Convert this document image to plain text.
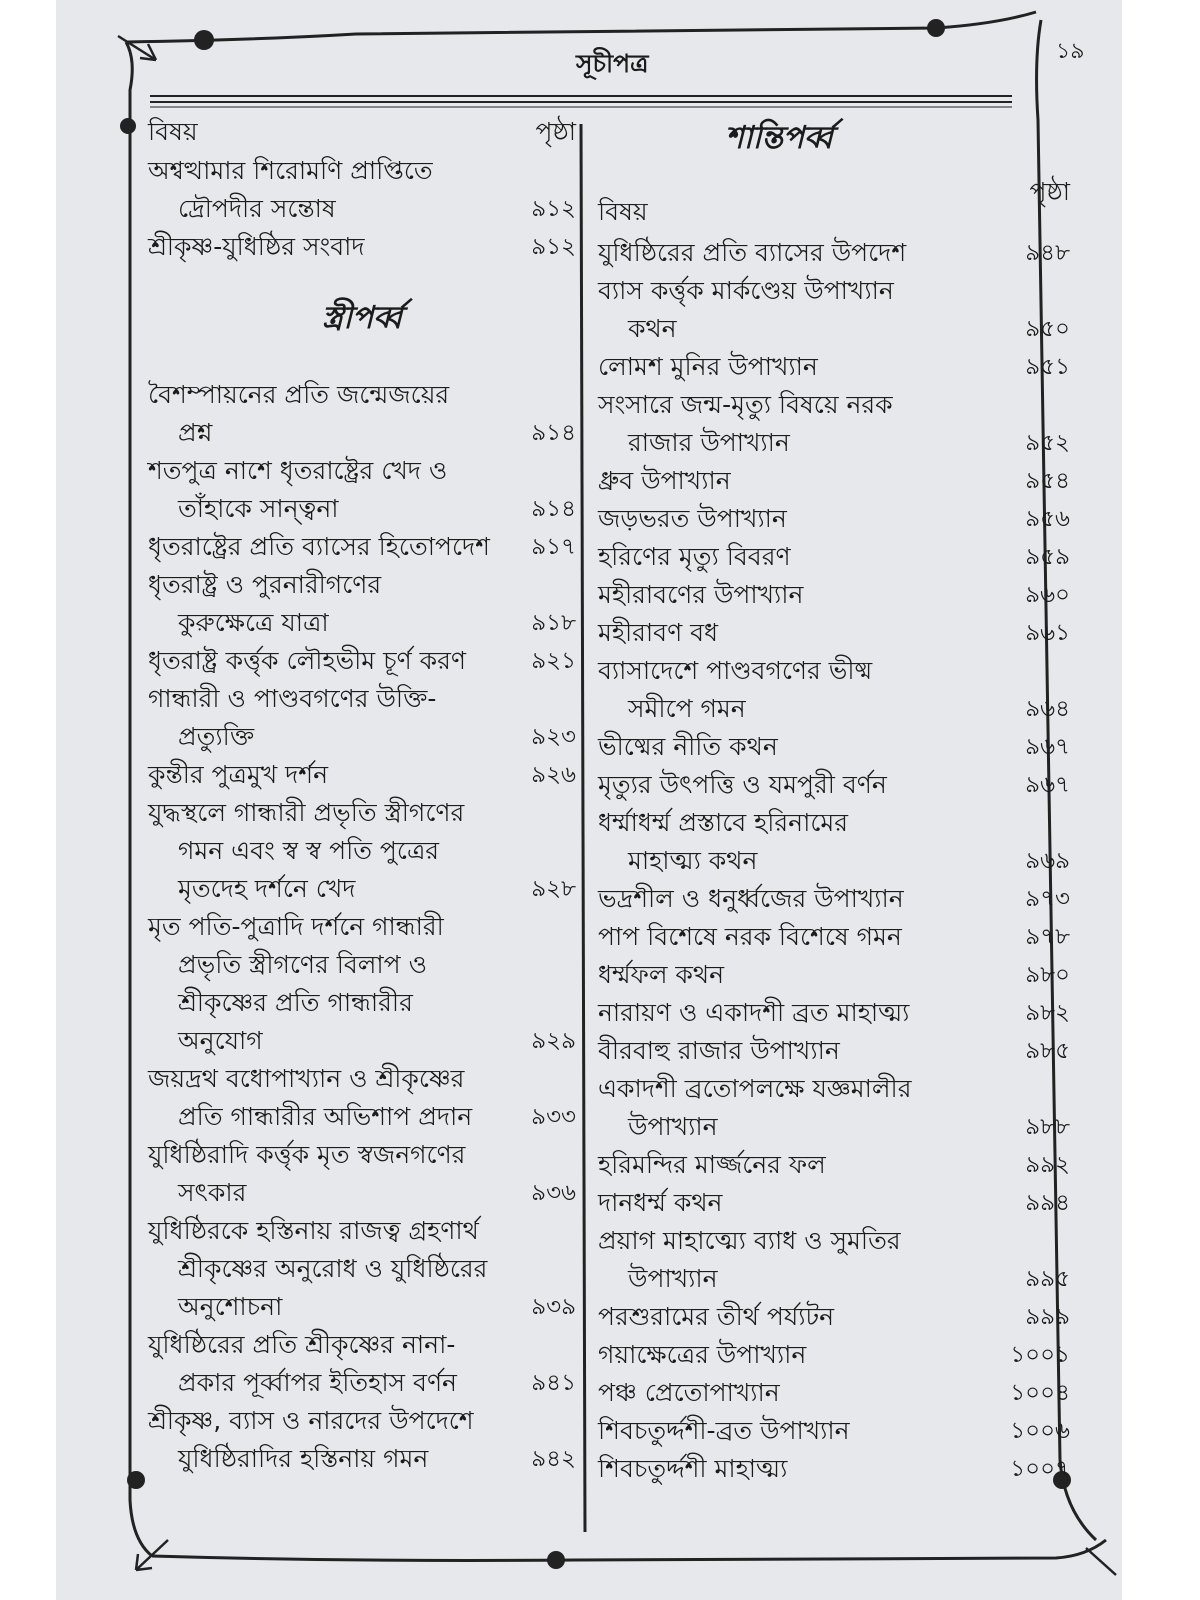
সূচীপত্র	১৯
বিষয়	পৃষ্ঠা
অশ্বত্থামার শিরোমণি প্রাপ্তিতে
দ্রৌপদীর সন্তোষ	৯১২
শ্রীকৃষ্ণ-যুধিষ্ঠির সংবাদ	৯১২
স্ত্রীপর্ব্ব
বৈশম্পায়নের প্রতি জন্মেজয়ের
প্রশ্ন	৯১৪
শতপুত্র নাশে ধৃতরাষ্ট্রের খেদ ও
তাঁহাকে সান্ত্বনা	৯১৪
ধৃতরাষ্ট্রের প্রতি ব্যাসের হিতোপদেশ	৯১৭
ধৃতরাষ্ট্র ও পুরনারীগণের
কুরুক্ষেত্রে যাত্রা	৯১৮
ধৃতরাষ্ট্র কর্ত্তৃক লৌহভীম চূর্ণ করণ	৯২১
গান্ধারী ও পাণ্ডবগণের উক্তি-
প্রত্যুক্তি	৯২৩
কুন্তীর পুত্রমুখ দর্শন	৯২৬
যুদ্ধস্থলে গান্ধারী প্রভৃতি স্ত্রীগণের
গমন এবং স্ব স্ব পতি পুত্রের
মৃতদেহ দর্শনে খেদ	৯২৮
মৃত পতি-পুত্রাদি দর্শনে গান্ধারী
প্রভৃতি স্ত্রীগণের বিলাপ ও
শ্রীকৃষ্ণের প্রতি গান্ধারীর
অনুযোগ	৯২৯
জয়দ্রথ বধোপাখ্যান ও শ্রীকৃষ্ণের
প্রতি গান্ধারীর অভিশাপ প্রদান	৯৩৩
যুধিষ্ঠিরাদি কর্ত্তৃক মৃত স্বজনগণের
সৎকার	৯৩৬
যুধিষ্ঠিরকে হস্তিনায় রাজত্ব গ্রহণার্থ
শ্রীকৃষ্ণের অনুরোধ ও যুধিষ্ঠিরের
অনুশোচনা	৯৩৯
যুধিষ্ঠিরের প্রতি শ্রীকৃষ্ণের নানা-
প্রকার পূর্ব্বাপর ইতিহাস বর্ণন	৯৪১
শ্রীকৃষ্ণ, ব্যাস ও নারদের উপদেশে
যুধিষ্ঠিরাদির হস্তিনায় গমন	৯৪২
শান্তিপর্ব্ব
বিষয়
পৃষ্ঠা
যুধিষ্ঠিরের প্রতি ব্যাসের উপদেশ	৯৪৮
ব্যাস কর্ত্তৃক মার্কণ্ডেয় উপাখ্যান
কথন	৯৫০
লোমশ মুনির উপাখ্যান	৯৫১
সংসারে জন্ম-মৃত্যু বিষয়ে নরক
রাজার উপাখ্যান	৯৫২
ধ্রুব উপাখ্যান	৯৫৪
জড়ভরত উপাখ্যান	৯৫৬
হরিণের মৃত্যু বিবরণ	৯৫৯
মহীরাবণের উপাখ্যান	৯৬০
মহীরাবণ বধ	৯৬১
ব্যাসাদেশে পাণ্ডবগণের ভীষ্ম
সমীপে গমন	৯৬৪
ভীষ্মের নীতি কথন	৯৬৭
মৃত্যুর উৎপত্তি ও যমপুরী বর্ণন	৯৬৭
ধর্ম্মাধর্ম্ম প্রস্তাবে হরিনামের
মাহাত্ম্য কথন	৯৬৯
ভদ্রশীল ও ধনুর্ধ্বজের উপাখ্যান	৯৭৩
পাপ বিশেষে নরক বিশেষে গমন	৯৭৮
ধর্ম্মফল কথন	৯৮০
নারায়ণ ও একাদশী ব্রত মাহাত্ম্য	৯৮২
বীরবাহু রাজার উপাখ্যান	৯৮৫
একাদশী ব্রতোপলক্ষে যজ্ঞমালীর
উপাখ্যান	৯৮৮
হরিমন্দির মার্জ্জনের ফল	৯৯২
দানধর্ম্ম কথন	৯৯৪
প্রয়াগ মাহাত্ম্যে ব্যাধ ও সুমতির
উপাখ্যান	৯৯৫
পরশুরামের তীর্থ পর্য্যটন	৯৯৯
গয়াক্ষেত্রের উপাখ্যান	১০০১
পঞ্চ প্রেতোপাখ্যান	১০০৪
শিবচতুর্দ্দশী-ব্রত উপাখ্যান	১০০৬
শিবচতুর্দ্দশী মাহাত্ম্য	১০০৭
